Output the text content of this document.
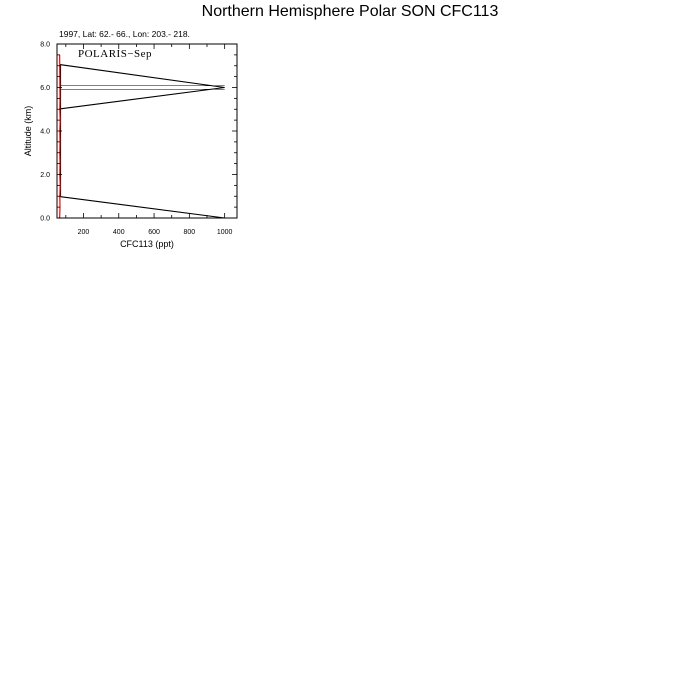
Northern Hemisphere Polar SON CFC113
1997, Lat: 62.- 66., Lon: 203.- 218.
POLARIS−Sep
200	400	600	800	1000
0.0
2.0
4.0
6.0
8.0
CFC113 (ppt)
Altitude (km)
